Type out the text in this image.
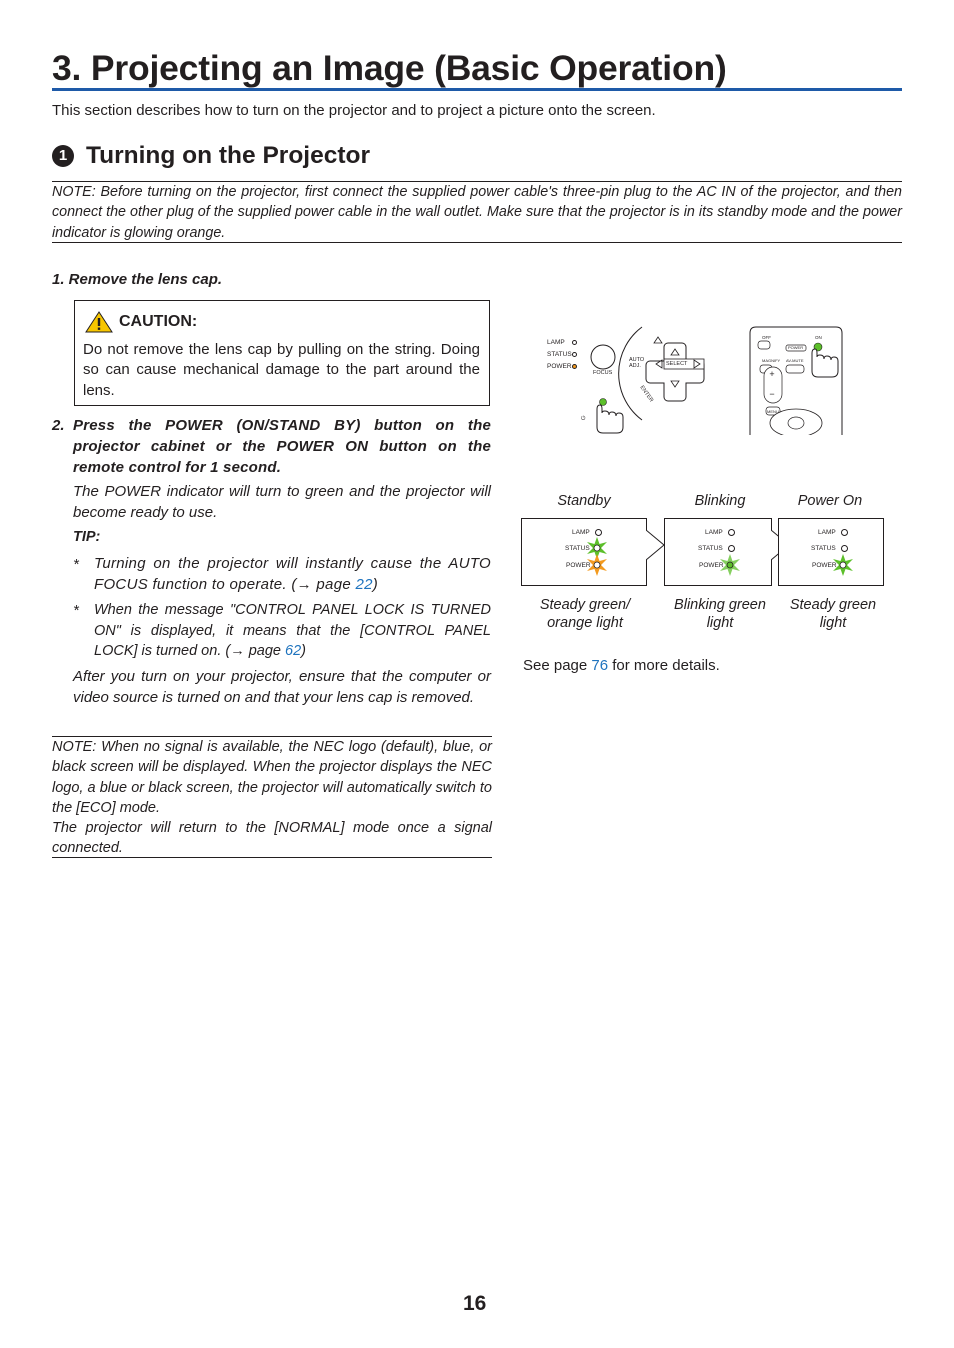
3. Projecting an Image (Basic Operation)
This section describes how to turn on the projector and to project a picture onto the screen.
1 Turning on the Projector
NOTE: Before turning on the projector, first connect the supplied power cable's three-pin plug to the AC IN of the projector, and then connect the other plug of the supplied power cable in the wall outlet. Make sure that the projector is in its standby mode and the power indicator is glowing orange.
1. Remove the lens cap.
CAUTION:
Do not remove the lens cap by pulling on the string. Doing so can cause mechanical damage to the part around the lens.
2. Press the POWER (ON/STAND BY) button on the projector cabinet or the POWER ON button on the remote control for 1 second.
The POWER indicator will turn to green and the projector will become ready to use.
TIP:
* Turning on the projector will instantly cause the AUTO FOCUS function to operate. (→ page 22)
* When the message "CONTROL PANEL LOCK IS TURNED ON" is displayed, it means that the [CONTROL PANEL LOCK] is turned on. (→ page 62)
After you turn on your projector, ensure that the computer or video source is turned on and that your lens cap is removed.
NOTE: When no signal is available, the NEC logo (default), blue, or black screen will be displayed. When the projector displays the NEC logo, a blue or black screen, the projector will automatically switch to the [ECO] mode.
The projector will return to the [NORMAL] mode once a signal connected.
LAMP
STATUS
POWER
FOCUS
AUTO ADJ.	SELECT
ENTER
⏻
+
−
OFF	ON
POWER
MAGNIFY AV-MUTE
MENU
Standby	Blinking	Power On
LAMP
STATUS
POWER
LAMP
STATUS
POWER
LAMP
STATUS
POWER
Steady green/ orange light
Blinking green light
Steady green light
See page 76 for more details.
16
